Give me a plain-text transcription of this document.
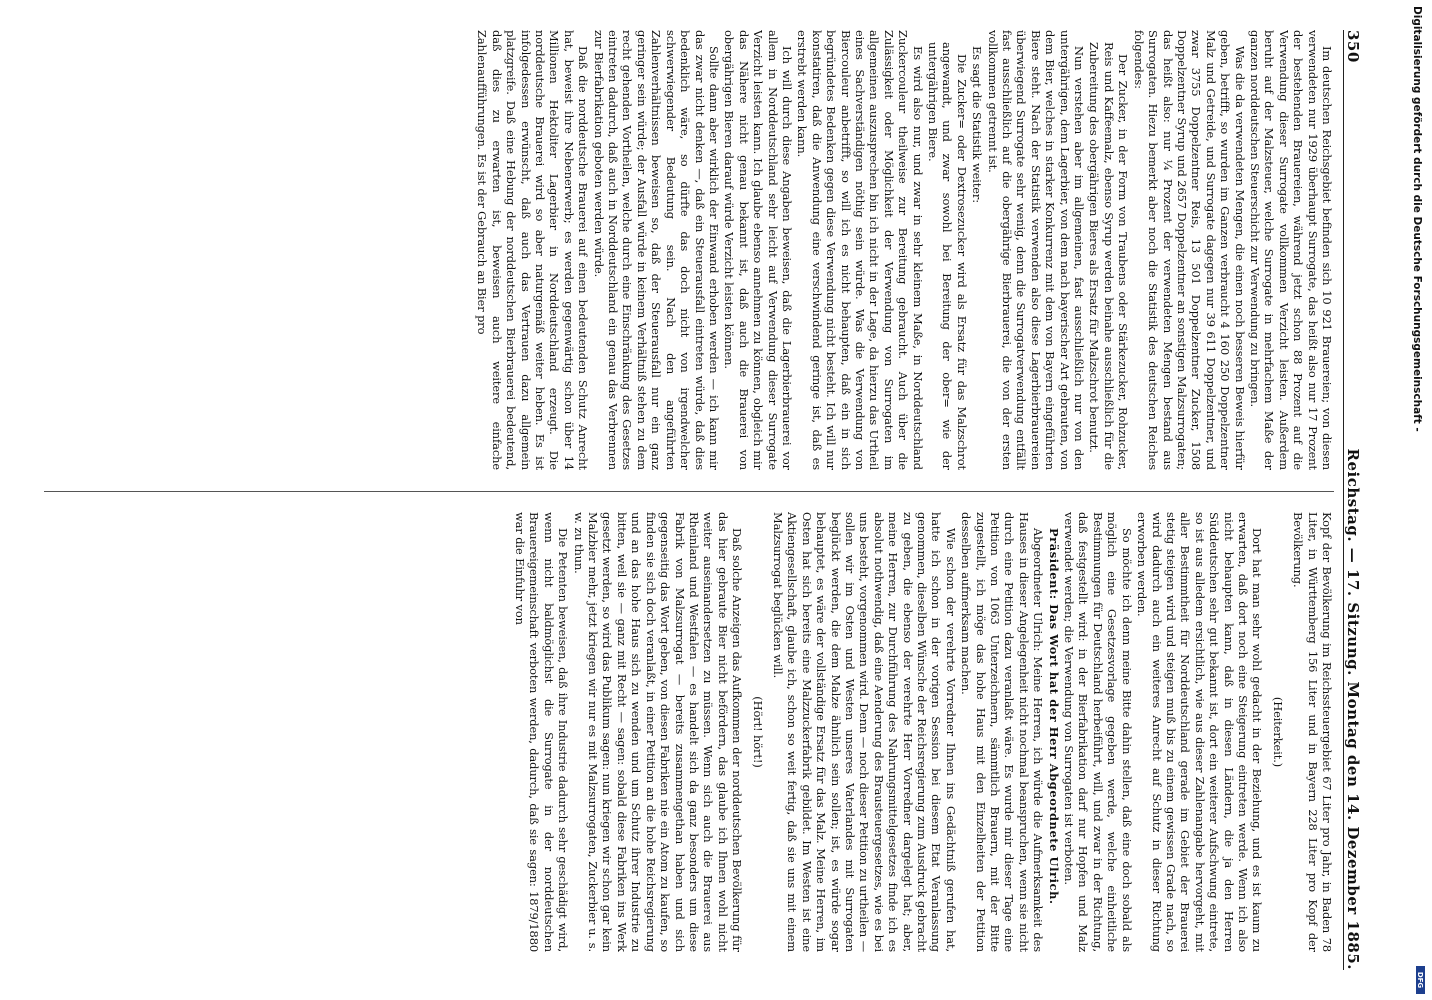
350
Reichstag. — 17. Sitzung. Montag den 14. Dezember 1885.

Im deutschen Reichsgebiet befinden sich 10 921 Brauereien; von diesen verwendeten nur 1929 überhaupt Surrogate, das heißt also nur 17 Prozent der bestehenden Brauereien, während jetzt schon 88 Prozent auf die Verwendung dieser Surrogate vollkommen Verzicht leisten. Außerdem beruht auf der Malzsteuer, welche Surrogate in mehrfachem Maße der ganzen norddeutschen Steuerschicht zur Verwendung zu bringen.

Was die da verwendeten Mengen, die einen noch besseren Beweis hierfür geben, betrifft, so wurden im Ganzen verbraucht 4 160 250 Doppelzentner Malz und Getreide, und Surrogate dagegen nur 39 611 Doppelzentner, und zwar 3755 Doppelzentner Reis, 13 501 Doppelzentner Zucker, 1508 Doppelzentner Syrup und 2657 Doppelzentner an sonstigen Malzsurrogaten; das heißt also: nur ¼ Prozent der verwendeten Mengen bestand aus Surrogaten. Hiezu bemerkt aber noch die Statistik des deutschen Reiches folgendes:

Der Zucker, in der Form von Traubens oder Stärkezucker, Rohzucker, Reis und Kaffeemalz, ebenso Syrup werden beinahe ausschließlich für die Zubereitung des obergährigen Bieres als Ersatz für Malzschrot benutzt.

Nun verstehen aber im allgemeinen, fast ausschließlich nur von den untergährigen, dem Lagerbier, von dem nach bayerischer Art gebrauten, von dem Bier, welches in starker Konkurrenz mit dem von Bayern eingeführten Biere steht. Nach der Statistik verwenden also diese Lagerbierbrauereien überwiegend Surrogate sehr wenig, denn die Surrogatverwendung entfällt fast ausschließlich auf die obergährige Bierbrauerei, die von der ersten vollkommen getrennt ist.

Es sagt die Statistik weiter:

Die Zucker= oder Dextrosezucker wird als Ersatz für das Malzschrot angewandt, und zwar sowohl bei Bereitung der ober= wie der untergährigen Biere.

Es wird also nur, und zwar in sehr kleinem Maße, in Norddeutschland Zuckercouleur theilweise zur Bereitung gebraucht. Auch über die Zulässigkeit oder Möglichkeit der Verwendung von Surrogaten im allgemeinen auszusprechen bin ich nicht in der Lage, da hierzu das Urtheil eines Sachverständigen nöthig sein würde. Was die Verwendung von Biercouleur anbetrifft, so will ich es nicht behaupten, daß ein in sich begründetes Bedenken gegen diese Verwendung nicht besteht. Ich will nur konstatiren, daß die Anwendung eine verschwindend geringe ist, daß es erstrebt werden kann.

Ich will durch diese Angaben beweisen, daß die Lagerbierbrauerei vor allem in Norddeutschland sehr leicht auf Verwendung dieser Surrogate Verzicht leisten kann. Ich glaube ebenso annehmen zu können, obgleich mir das Nähere nicht genau bekannt ist, daß auch die Brauerei von obergährigen Bieren darauf würde Verzicht leisten können.

Sollte dann aber wirklich der Einwand erhoben werden — ich kann mir das zwar nicht denken —, daß ein Steuerausfall eintreten würde, daß dies bedenklich wäre, so dürfte das doch nicht von irgendwelcher schwerwiegender Bedeutung sein. Nach den angeführten Zahlenverhältnissen beweisen so, daß der Steuerausfall nur ein ganz geringer sein würde; der Ausfall würde in keinem Verhältniß stehen zu dem recht gehenden Vortheilen, welche durch eine Einschränkung des Gesetzes eintreten dadurch, daß auch in Norddeutschland ein genau das Verbrennen zur Bierfabrikation geboten werden würde.

Daß die norddeutsche Brauerei auf einen bedeutenden Schutz Anrecht hat, beweist ihre Nebenerwerb; es werden gegenwärtig schon über 14 Millionen Hektoliter Lagerbier in Norddeutschland erzeugt. Die norddeutsche Brauerei wird so aber naturgemäß weiter heben. Es ist infolgedessen erwünscht, daß auch das Vertrauen dazu allgemein platzgreife. Daß eine Hebung der norddeutschen Bierbrauerei bedeutend, daß dies zu erwarten ist, beweisen auch weitere einfache Zahlenaufführungen. Es ist der Gebrauch an Bier pro

Kopf der Bevölkerung im Reichssteuergebiet 67 Liter pro Jahr, in Baden 78 Liter, in Württemberg 156 Liter und in Bayern 228 Liter pro Kopf der Bevölkerung.

(Heiterkeit.)

Dort hat man sehr wohl gedacht in der Beziehung, und es ist kaum zu erwarten, daß dort noch eine Steigerung eintreten werde. Wenn ich also nicht behaupten kann, daß in diesen Ländern, die ja den Herren Süddeutschen sehr gut bekannt ist, dort ein weiterer Aufschwung eintrete, so ist aus alledem ersichtlich, wie aus dieser Zahlenangabe hervorgeht, mit aller Bestimmtheit für Norddeutschland gerade im Gebiet der Brauerei stetig steigen wird und steigen muß bis zu einem gewissen Grade nach, so wird dadurch auch ein weiteres Anrecht auf Schutz in dieser Richtung erworben werden.

So möchte ich denn meine Bitte dahin stellen, daß eine doch sobald als möglich eine Gesetzesvorlage gegeben werde, welche einheitliche Bestimmungen für Deutschland herbeiführt, will, und zwar in der Richtung, daß festgestellt wird: in der Bierfabrikation darf nur Hopfen und Malz verwendet werden; die Verwendung von Surrogaten ist verboten.

Präsident: Das Wort hat der Herr Abgeordnete Ulrich.

Abgeordneter Ulrich: Meine Herren, ich würde die Aufmerksamkeit des Hauses in dieser Angelegenheit nicht nochmal beanspruchen, wenn sie nicht durch eine Petition dazu veranlaßt wäre. Es wurde mir dieser Tage eine Petition von 1063 Unterzeichnern, sämmtlich Brauern, mit der Bitte zugestellt, ich möge das hohe Haus mit den Einzelheiten der Petition desselben aufmerksam machen.

Wie schon der verehrte Vorredner Ihnen ins Gedächtniß gerufen hat, hatte ich schon in der vorigen Session bei diesem Etat Veranlassung genommen, dieselben Wünsche der Reichsregierung zum Ausdruck gebracht zu geben, die ebenso der verehrte Herr Vorredner dargelegt hat; aber, meine Herren, zur Durchführung des Nahrungsmittelgesetzes finde ich es absolut nothwendig, daß eine Aenderung des Brausteuergesetzes, wie es bei uns besteht, vorgenommen wird. Denn — noch dieser Petition zu urtheilen — sollen wir im Osten und Westen unseres Vaterlandes mit Surrogaten beglückt werden, die dem Malze ähnlich sein sollen; ist, es würde sogar behauptet, es wäre der vollständige Ersatz für das Malz. Meine Herren, im Osten hat sich bereits eine Malzzuckerfabrik gebildet. Im Westen ist eine Aktiengesellschaft, glaube ich, schon so weit fertig, daß sie uns mit einem Malzsurrogat beglücken will.

(Hört! hört!)

Daß solche Anzeigen das Aufkommen der norddeutschen Bevölkerung für das hier gebraute Bier nicht befördern, das glaube ich Ihnen wohl nicht weiter auseinandersetzen zu müssen. Wenn sich auch die Brauerei aus Rheinland und Westfalen — es handelt sich da ganz besonders um diese Fabrik von Malzsurrogat — bereits zusammengethan haben und sich gegenseitig das Wort geben, von diesen Fabriken nie ein Atom zu kaufen, so finden sie sich doch veranlaßt, in einer Petition an die hohe Reichsregierung und an das hohe Haus sich zu wenden und um Schutz ihrer Industrie zu bitten, weil sie — ganz mit Recht — sagen: sobald diese Fabriken ins Werk gesetzt werden, so wird das Publikum sagen: nun kriegen wir schon gar kein Malzbier mehr, jetzt kriegen wir nur es mit Malzsurrogaten, Zuckerbier u. s. w. zu thun.

Die Petenten beweisen, daß ihre Industrie dadurch sehr geschädigt wird, wenn nicht baldmöglichst die Surrogate in der norddeutschen Brauereigemeinschaft verboten werden, dadurch, daß sie sagen: 1879/1880 war die Einfuhr von

Digitalisierung gefördert durch die Deutsche Forschungsgemeinschaft -
DFG
